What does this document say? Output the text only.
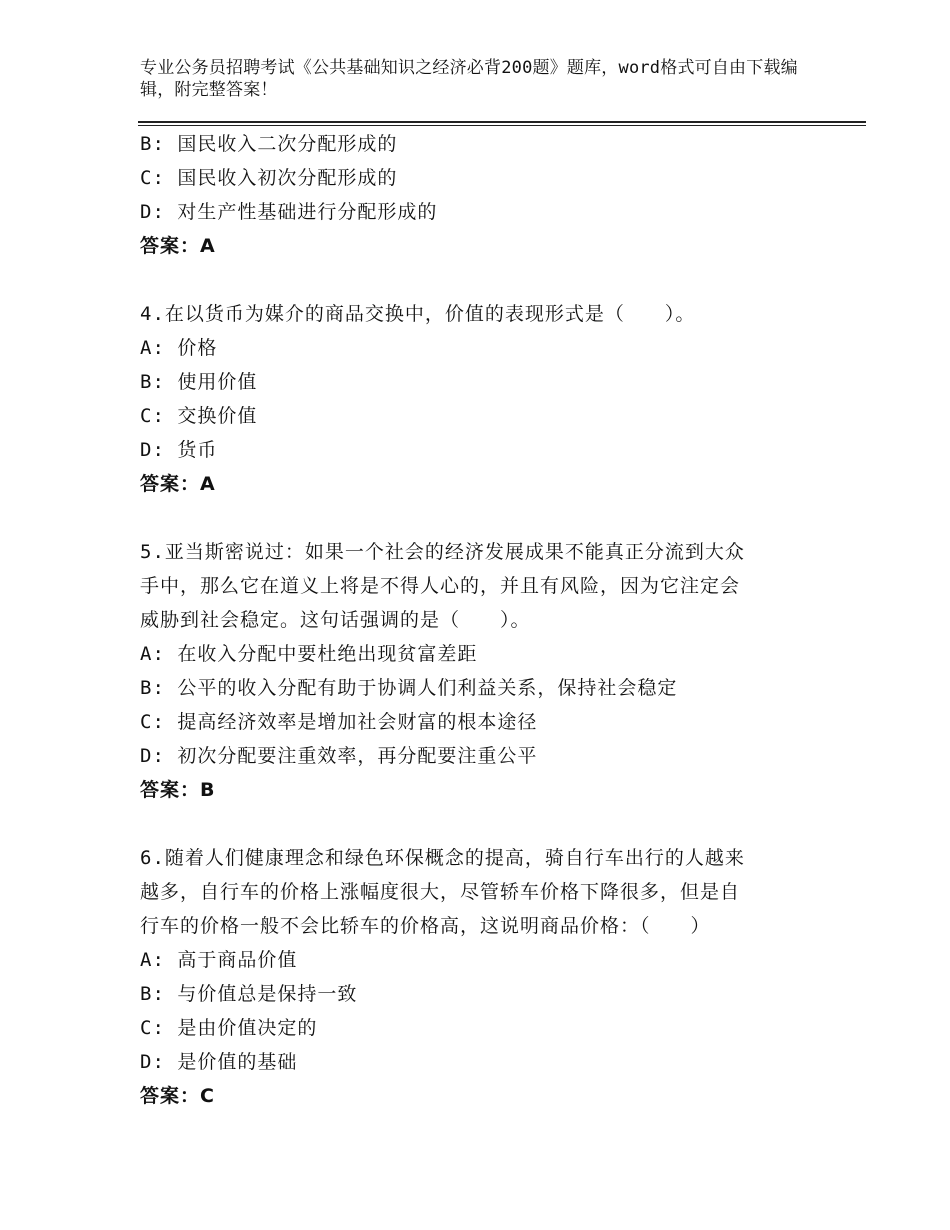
专业公务员招聘考试《公共基础知识之经济必背200题》题库，word格式可自由下载编辑，附完整答案！
B: 国民收入二次分配形成的
C: 国民收入初次分配形成的
D: 对生产性基础进行分配形成的
答案：A
4.在以货币为媒介的商品交换中，价值的表现形式是（　　）。
A: 价格
B: 使用价值
C: 交换价值
D: 货币
答案：A
5.亚当斯密说过：如果一个社会的经济发展成果不能真正分流到大众
手中，那么它在道义上将是不得人心的，并且有风险，因为它注定会
威胁到社会稳定。这句话强调的是（　　）。
A: 在收入分配中要杜绝出现贫富差距
B: 公平的收入分配有助于协调人们利益关系，保持社会稳定
C: 提高经济效率是增加社会财富的根本途径
D: 初次分配要注重效率，再分配要注重公平
答案：B
6.随着人们健康理念和绿色环保概念的提高，骑自行车出行的人越来
越多，自行车的价格上涨幅度很大，尽管轿车价格下降很多，但是自
行车的价格一般不会比轿车的价格高，这说明商品价格：（　　）
A: 高于商品价值
B: 与价值总是保持一致
C: 是由价值决定的
D: 是价值的基础
答案：C
